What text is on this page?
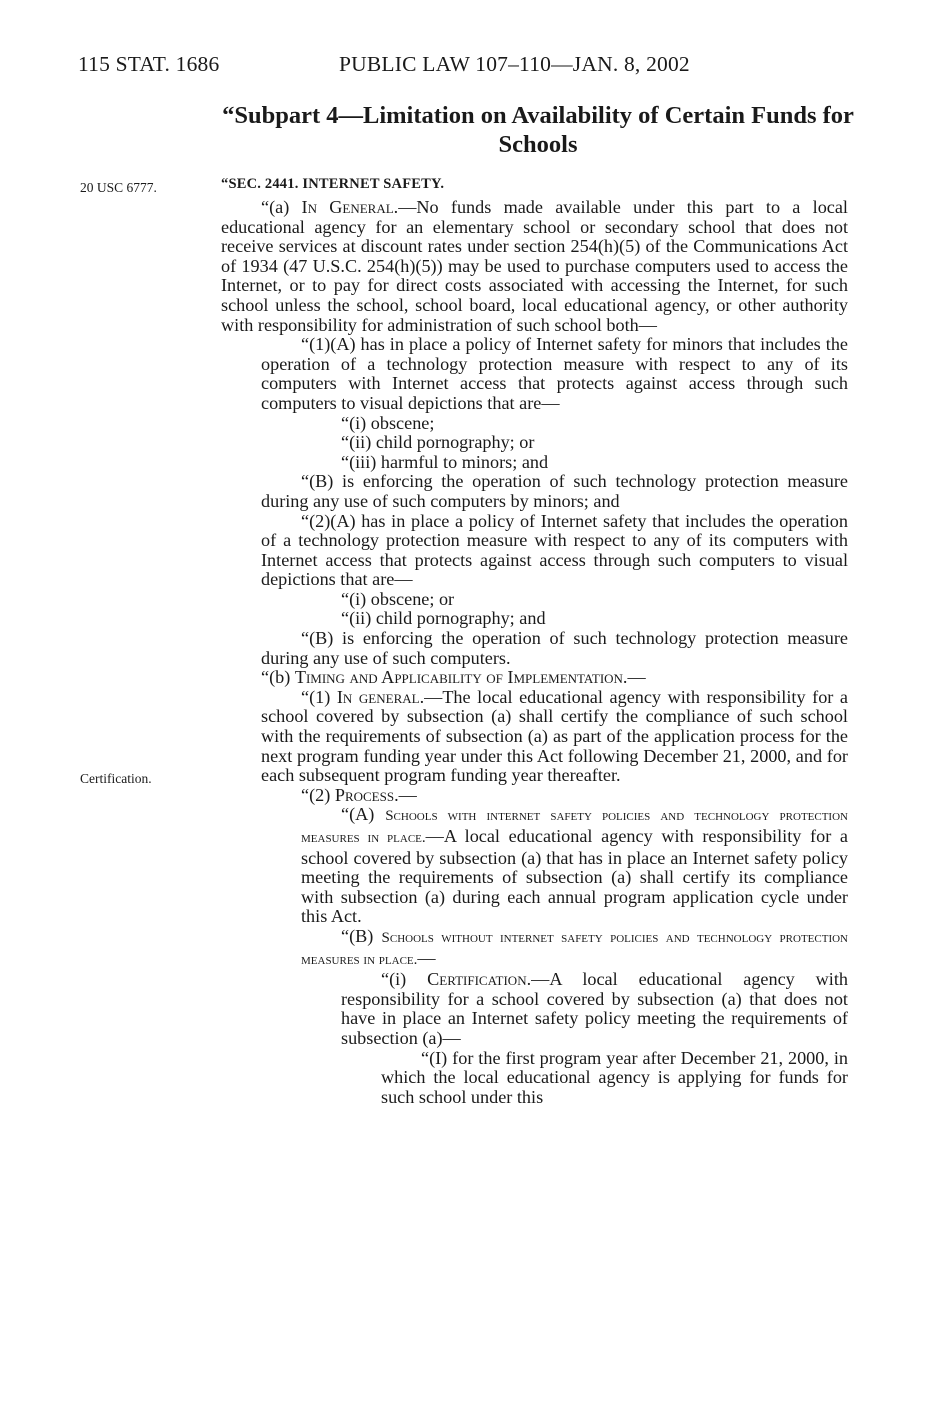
115 STAT. 1686	PUBLIC LAW 107–110—JAN. 8, 2002
“Subpart 4—Limitation on Availability of Certain Funds for Schools
20 USC 6777.
Certification.
“SEC. 2441. INTERNET SAFETY.

“(a) In General.—No funds made available under this part to a local educational agency for an elementary school or secondary school that does not receive services at discount rates under section 254(h)(5) of the Communications Act of 1934 (47 U.S.C. 254(h)(5)) may be used to purchase computers used to access the Internet, or to pay for direct costs associated with accessing the Internet, for such school unless the school, school board, local educational agency, or other authority with responsibility for administration of such school both—

“(1)(A) has in place a policy of Internet safety for minors that includes the operation of a technology protection measure with respect to any of its computers with Internet access that protects against access through such computers to visual depictions that are—

“(i) obscene;
“(ii) child pornography; or
“(iii) harmful to minors; and

“(B) is enforcing the operation of such technology protection measure during any use of such computers by minors; and

“(2)(A) has in place a policy of Internet safety that includes the operation of a technology protection measure with respect to any of its computers with Internet access that protects against access through such computers to visual depictions that are—

“(i) obscene; or
“(ii) child pornography; and

“(B) is enforcing the operation of such technology protection measure during any use of such computers.

“(b) Timing and Applicability of Implementation.—

“(1) In general.—The local educational agency with responsibility for a school covered by subsection (a) shall certify the compliance of such school with the requirements of subsection (a) as part of the application process for the next program funding year under this Act following December 21, 2000, and for each subsequent program funding year thereafter.

“(2) Process.—

“(A) Schools with internet safety policies and technology protection measures in place.—A local educational agency with responsibility for a school covered by subsection (a) that has in place an Internet safety policy meeting the requirements of subsection (a) shall certify its compliance with subsection (a) during each annual program application cycle under this Act.

“(B) Schools without internet safety policies and technology protection measures in place.—

“(i) Certification.—A local educational agency with responsibility for a school covered by subsection (a) that does not have in place an Internet safety policy meeting the requirements of subsection (a)—

“(I) for the first program year after December 21, 2000, in which the local educational agency is applying for funds for such school under this
